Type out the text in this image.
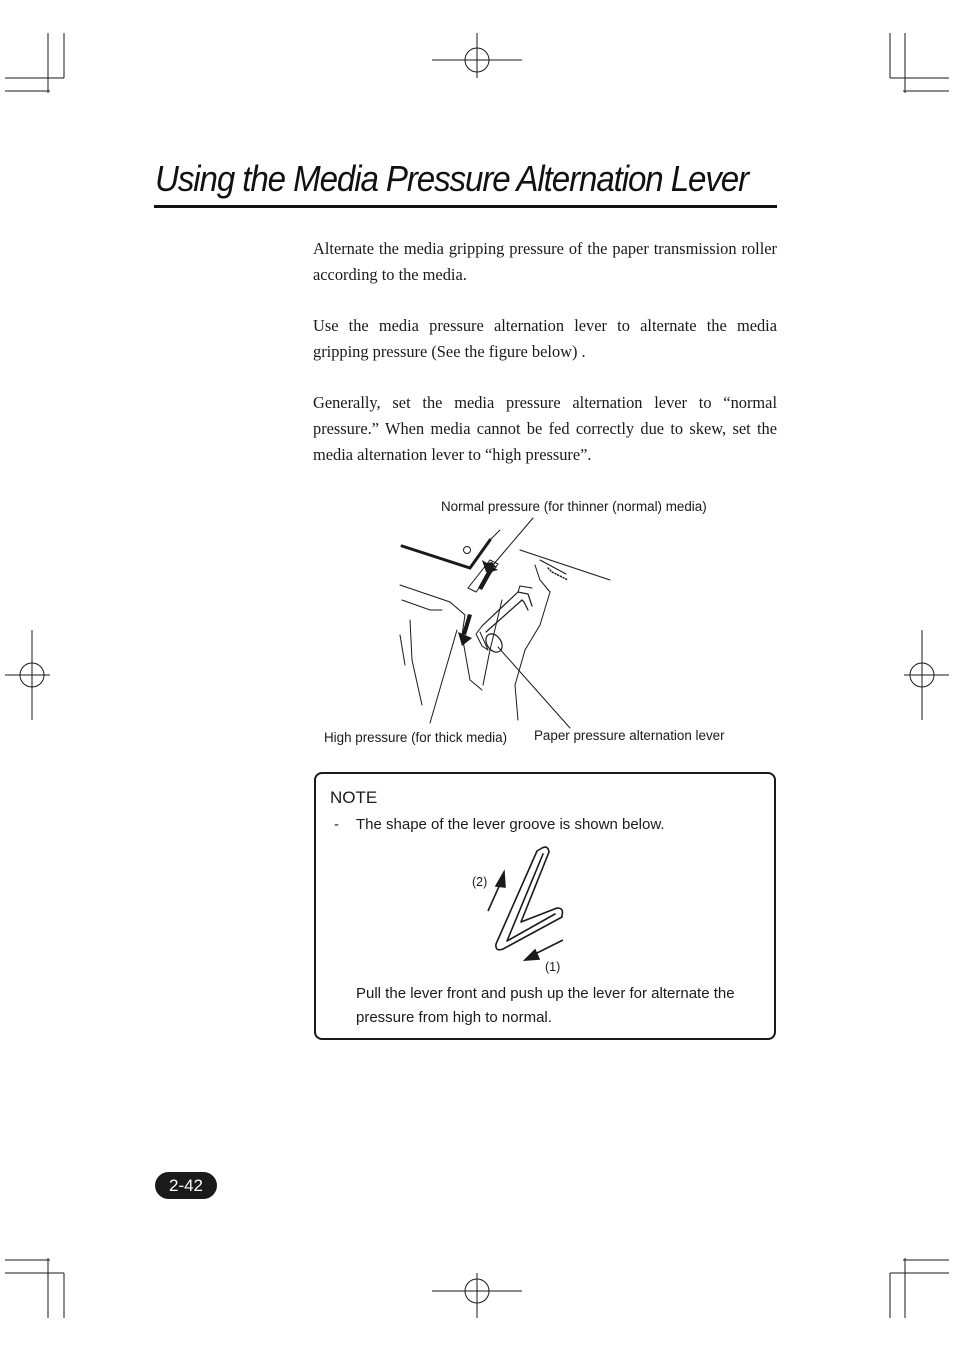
Using the Media Pressure Alternation Lever

Alternate the media gripping pressure of the paper transmission roller according to the media.

Use the media pressure alternation lever to alternate the media gripping pressure (See the figure below) .

Generally, set the media pressure alternation lever to “normal pressure.” When media cannot be fed correctly due to skew, set the media alternation lever to “high pressure”.

Normal pressure (for thinner (normal) media)
High pressure (for thick media) Paper pressure alternation lever
NOTE
- The shape of the lever groove is shown below.
(2)
(1)
Pull the lever front and push up the lever for alternate the pressure from high to normal.
2-42
